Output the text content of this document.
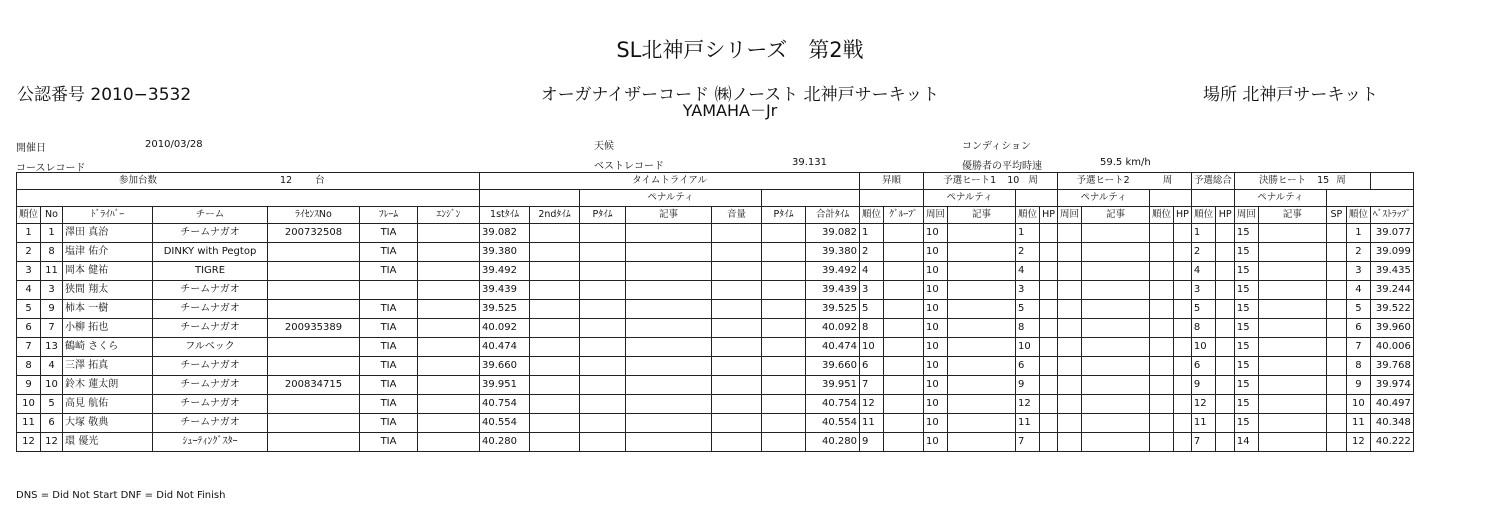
SL北神戸シリーズ　第2戦
公認番号 2010−3532	オーガナイザーコード ㈱ノースト 北神戸サーキット	場所 北神戸サーキット
YAMAHA－Jr
開催日	2010/03/28
コースレコード
天候
ベストレコード	39.131
コンディション
優勝者の平均時速	59.5 km/h
参加台数 12 台							タイムトライアル							昇順		予選ヒート1 10 周				予選ヒート2 周				予選総合		決勝ヒート 15 周				
									ペナルティ							ペナルティ				ペナルティ						ペナルティ				
順位	No	ﾄﾞﾗｲﾊﾞｰ	チーム	ﾗｲｾﾝｽNo	ﾌﾚｰﾑ	ｴﾝｼﾞﾝ	1stﾀｲﾑ	2ndﾀｲﾑ	Pﾀｲﾑ	記事	音量	Pﾀｲﾑ	合計ﾀｲﾑ	順位	ｸﾞﾙｰﾌﾟ	周回	記事	順位	HP	周回	記事	順位	HP	順位	HP	周回	記事	SP	順位	ﾍﾞｽﾄﾗｯﾌﾟ
1	1	澤田 真治	チームナガオ	200732508	TIA		39.082						39.082	1		10		1						1		15			1	39.077
2	8	塩津 佑介	DINKY with Pegtop		TIA		39.380						39.380	2		10		2						2		15			2	39.099
3	11	岡本 健祐	TIGRE		TIA		39.492						39.492	4		10		4						4		15			3	39.435
4	3	狭間 翔太	チームナガオ				39.439						39.439	3		10		3						3		15			4	39.244
5	9	柿本 一樹	チームナガオ		TIA		39.525						39.525	5		10		5						5		15			5	39.522
6	7	小柳 拓也	チームナガオ	200935389	TIA		40.092						40.092	8		10		8						8		15			6	39.960
7	13	鶴崎 さくら	フルベック		TIA		40.474						40.474	10		10		10						10		15			7	40.006
8	4	三澤 拓真	チームナガオ		TIA		39.660						39.660	6		10		6						6		15			8	39.768
9	10	鈴木 蓮太朗	チームナガオ	200834715	TIA		39.951						39.951	7		10		9						9		15			9	39.974
10	5	高見 航佑	チームナガオ		TIA		40.754						40.754	12		10		12						12		15			10	40.497
11	6	大塚 敬典	チームナガオ		TIA		40.554						40.554	11		10		11						11		15			11	40.348
12	12	環 優光	ｼｭｰﾃｨﾝｸﾞｽﾀｰ		TIA		40.280						40.280	9		10		7						7		14			12	40.222
DNS = Did Not Start DNF = Did Not Finish
